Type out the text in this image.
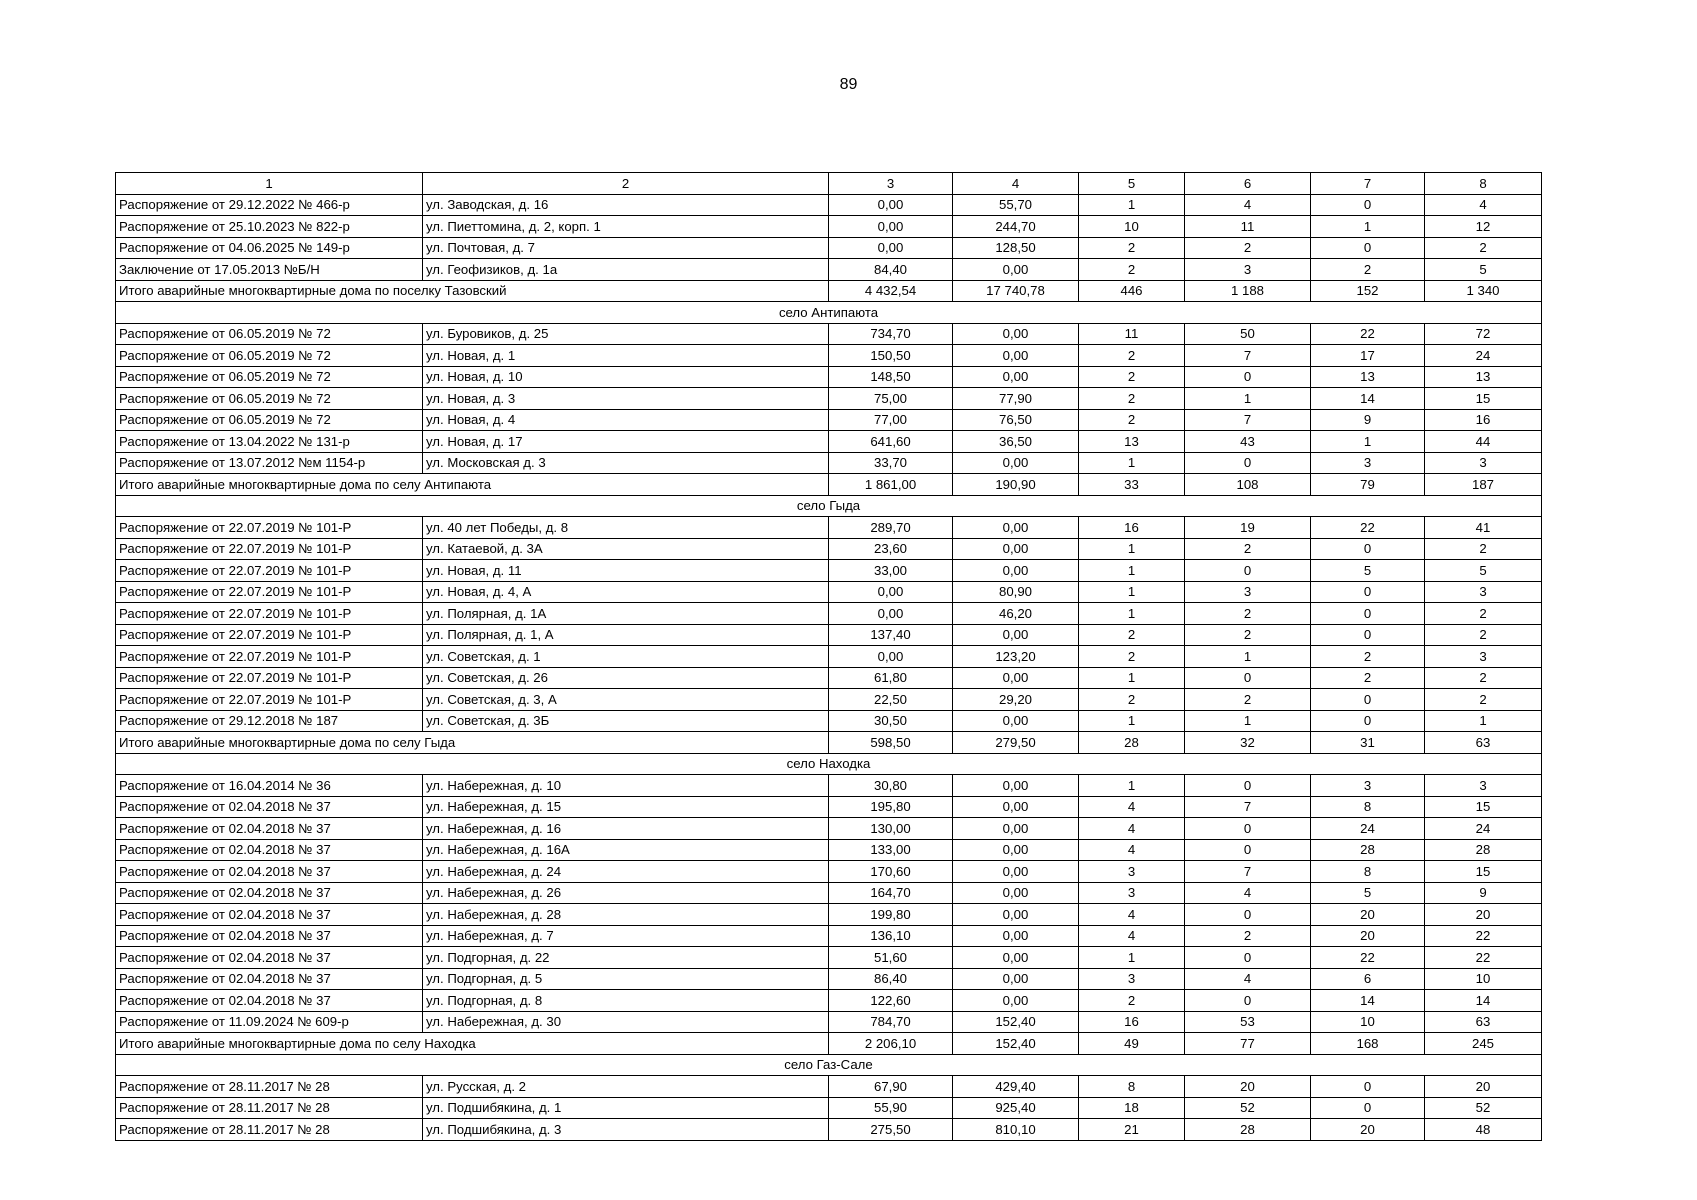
89
1	2	3	4	5	6	7	8
Распоряжение от 29.12.2022 № 466-р	ул. Заводская, д. 16	0,00	55,70	1	4	0	4
Распоряжение от 25.10.2023 № 822-р	ул. Пиеттомина, д. 2, корп. 1	0,00	244,70	10	11	1	12
Распоряжение от 04.06.2025 № 149-р	ул. Почтовая, д. 7	0,00	128,50	2	2	0	2
Заключение от 17.05.2013 №Б/Н	ул. Геофизиков, д. 1а	84,40	0,00	2	3	2	5
Итого аварийные многоквартирные дома по поселку Тазовский		4 432,54	17 740,78	446	1 188	152	1 340
село Антипаюта							
Распоряжение от 06.05.2019 № 72	ул. Буровиков, д. 25	734,70	0,00	11	50	22	72
Распоряжение от 06.05.2019 № 72	ул. Новая, д. 1	150,50	0,00	2	7	17	24
Распоряжение от 06.05.2019 № 72	ул. Новая, д. 10	148,50	0,00	2	0	13	13
Распоряжение от 06.05.2019 № 72	ул. Новая, д. 3	75,00	77,90	2	1	14	15
Распоряжение от 06.05.2019 № 72	ул. Новая, д. 4	77,00	76,50	2	7	9	16
Распоряжение от 13.04.2022 № 131-р	ул. Новая, д. 17	641,60	36,50	13	43	1	44
Распоряжение от 13.07.2012 №м 1154-р	ул. Московская д. 3	33,70	0,00	1	0	3	3
Итого аварийные многоквартирные дома по селу Антипаюта		1 861,00	190,90	33	108	79	187
село Гыда							
Распоряжение от 22.07.2019 № 101-Р	ул. 40 лет Победы, д. 8	289,70	0,00	16	19	22	41
Распоряжение от 22.07.2019 № 101-Р	ул. Катаевой, д. 3А	23,60	0,00	1	2	0	2
Распоряжение от 22.07.2019 № 101-Р	ул. Новая, д. 11	33,00	0,00	1	0	5	5
Распоряжение от 22.07.2019 № 101-Р	ул. Новая, д. 4, А	0,00	80,90	1	3	0	3
Распоряжение от 22.07.2019 № 101-Р	ул. Полярная, д. 1А	0,00	46,20	1	2	0	2
Распоряжение от 22.07.2019 № 101-Р	ул. Полярная, д. 1, А	137,40	0,00	2	2	0	2
Распоряжение от 22.07.2019 № 101-Р	ул. Советская, д. 1	0,00	123,20	2	1	2	3
Распоряжение от 22.07.2019 № 101-Р	ул. Советская, д. 26	61,80	0,00	1	0	2	2
Распоряжение от 22.07.2019 № 101-Р	ул. Советская, д. 3, А	22,50	29,20	2	2	0	2
Распоряжение от 29.12.2018 № 187	ул. Советская, д. 3Б	30,50	0,00	1	1	0	1
Итого аварийные многоквартирные дома по селу Гыда		598,50	279,50	28	32	31	63
село Находка							
Распоряжение от 16.04.2014 № 36	ул. Набережная, д. 10	30,80	0,00	1	0	3	3
Распоряжение от 02.04.2018 № 37	ул. Набережная, д. 15	195,80	0,00	4	7	8	15
Распоряжение от 02.04.2018 № 37	ул. Набережная, д. 16	130,00	0,00	4	0	24	24
Распоряжение от 02.04.2018 № 37	ул. Набережная, д. 16А	133,00	0,00	4	0	28	28
Распоряжение от 02.04.2018 № 37	ул. Набережная, д. 24	170,60	0,00	3	7	8	15
Распоряжение от 02.04.2018 № 37	ул. Набережная, д. 26	164,70	0,00	3	4	5	9
Распоряжение от 02.04.2018 № 37	ул. Набережная, д. 28	199,80	0,00	4	0	20	20
Распоряжение от 02.04.2018 № 37	ул. Набережная, д. 7	136,10	0,00	4	2	20	22
Распоряжение от 02.04.2018 № 37	ул. Подгорная, д. 22	51,60	0,00	1	0	22	22
Распоряжение от 02.04.2018 № 37	ул. Подгорная, д. 5	86,40	0,00	3	4	6	10
Распоряжение от 02.04.2018 № 37	ул. Подгорная, д. 8	122,60	0,00	2	0	14	14
Распоряжение от 11.09.2024 № 609-р	ул. Набережная, д. 30	784,70	152,40	16	53	10	63
Итого аварийные многоквартирные дома по селу Находка		2 206,10	152,40	49	77	168	245
село Газ-Сале							
Распоряжение от 28.11.2017 № 28	ул. Русская, д. 2	67,90	429,40	8	20	0	20
Распоряжение от 28.11.2017 № 28	ул. Подшибякина, д. 1	55,90	925,40	18	52	0	52
Распоряжение от 28.11.2017 № 28	ул. Подшибякина, д. 3	275,50	810,10	21	28	20	48
